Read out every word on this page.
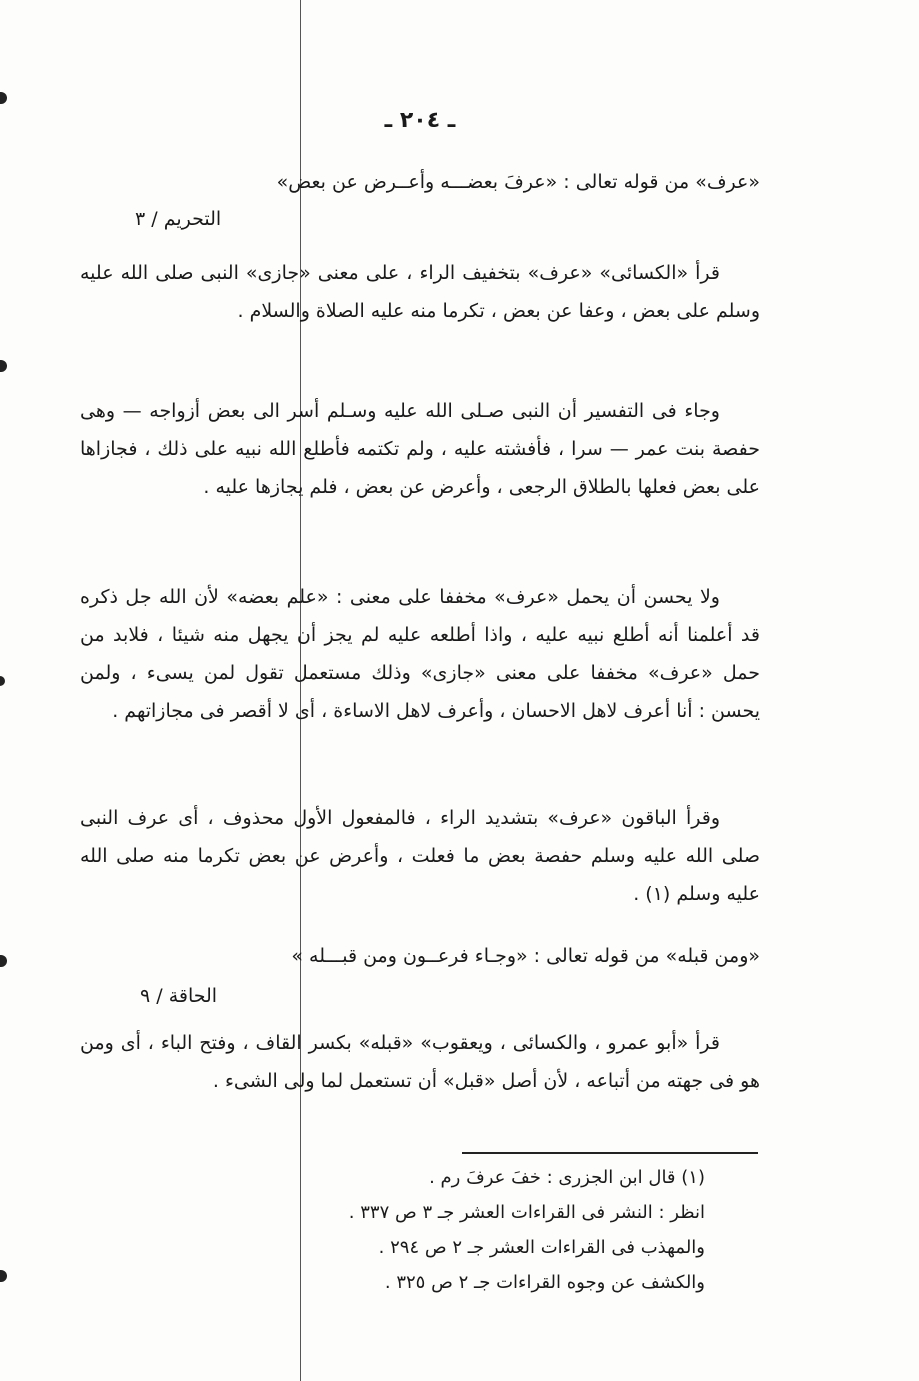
ـ ٢٠٤ ـ
«عرف» من قوله تعالى : «عرفَ بعضـــه وأعــرض عن بعض»
التحريم / ٣

قرأ «الكسائى» «عرف» بتخفيف الراء ، على معنى «جازى» النبى صلى الله عليه وسلم على بعض ، وعفا عن بعض ، تكرما منه عليه الصلاة والسلام .

وجاء فى التفسير أن النبى صـلى الله عليه وسـلم أسر الى بعض أزواجه — وهى حفصة بنت عمر — سرا ، فأفشته عليه ، ولم تكتمه فأطلع الله نبيه على ذلك ، فجازاها على بعض فعلها بالطلاق الرجعى ، وأعرض عن بعض ، فلم يجازها عليه .

ولا يحسن أن يحمل «عرف» مخففا على معنى : «علم بعضه» لأن الله جل ذكره قد أعلمنا أنه أطلع نبيه عليه ، واذا أطلعه عليه لم يجز أن يجهل منه شيئا ، فلابد من حمل «عرف» مخففا على معنى «جازى» وذلك مستعمل تقول لمن يسىء ، ولمن يحسن : أنا أعرف لاهل الاحسان ، وأعرف لاهل الاساءة ، أى لا أقصر فى مجازاتهم .

وقرأ الباقون «عرف» بتشديد الراء ، فالمفعول الأول محذوف ، أى عرف النبى صلى الله عليه وسلم حفصة بعض ما فعلت ، وأعرض عن بعض تكرما منه صلى الله عليه وسلم (١) .

«ومن قبله» من قوله تعالى : «وجـاء فرعــون ومن قبـــله »
الحاقة / ٩

قرأ «أبو عمرو ، والكسائى ، ويعقوب» «قبله» بكسر القاف ، وفتح الباء ، أى ومن هو فى جهته من أتباعه ، لأن أصل «قبل» أن تستعمل لما ولى الشىء .

(١) قال ابن الجزرى : خفَ عرفَ رم .
انظر : النشر فى القراءات العشر جـ ٣ ص ٣٣٧ .
والمهذب فى القراءات العشر جـ ٢ ص ٢٩٤ .
والكشف عن وجوه القراءات جـ ٢ ص ٣٢٥ .
